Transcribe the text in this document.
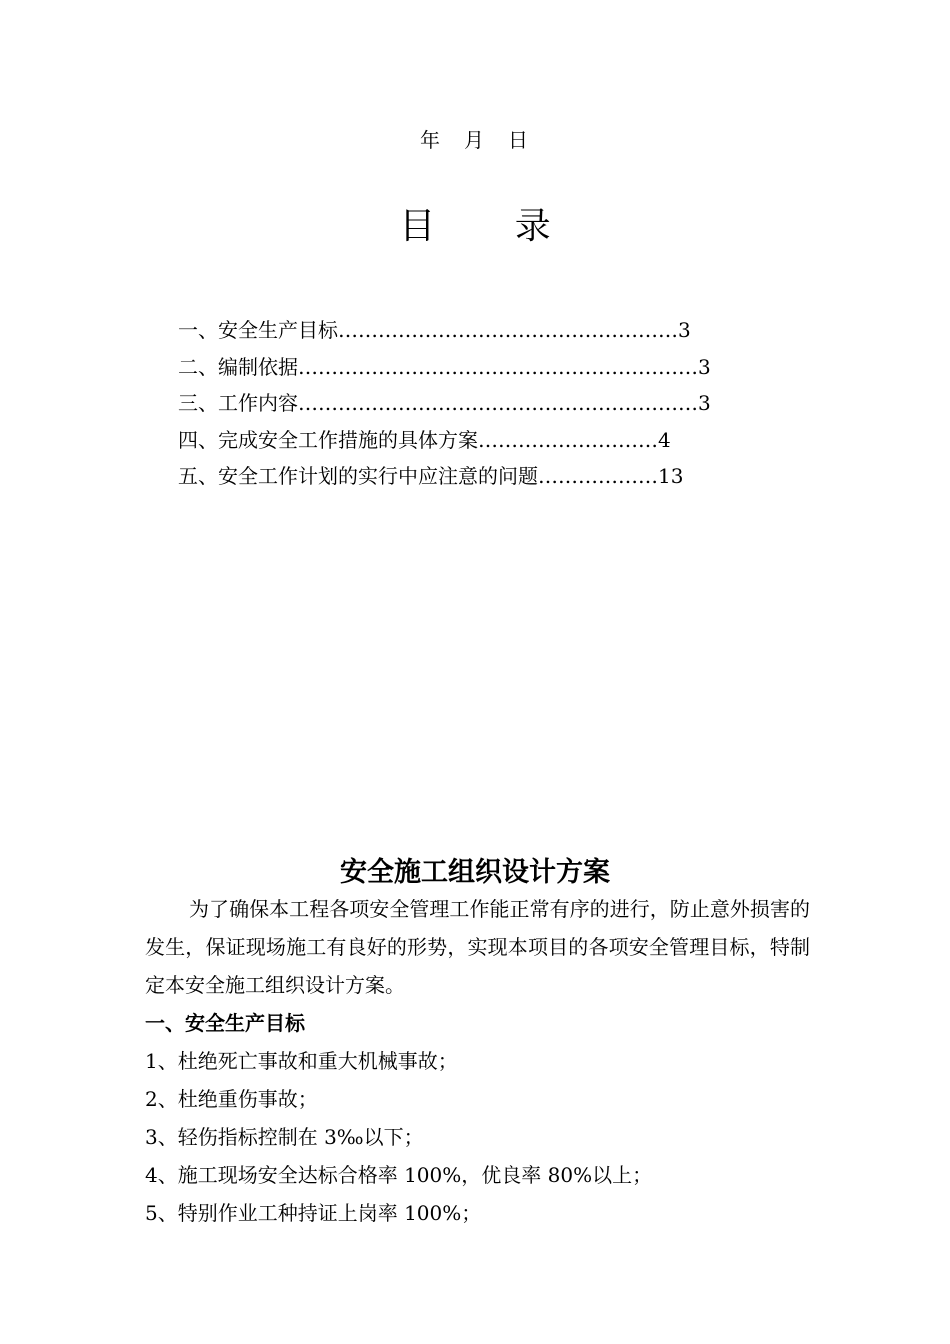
年　月　日
目 录
一、安全生产目标 …………………………………………… 3
二、编制依据 …………………………………………………… 3
三、工作内容 …………………………………………………… 3
四、完成安全工作措施的具体方案 ……………………… 4
五、安全工作计划的实行中应注意的问题 ……………… 13
安全施工组织设计方案

为了确保本工程各项安全管理工作能正常有序的进行，防止意外损害的发生，保证现场施工有良好的形势，实现本项目的各项安全管理目标，特制定本安全施工组织设计方案。

一、安全生产目标

1、杜绝死亡事故和重大机械事故；

2、杜绝重伤事故；

3、轻伤指标控制在 3‰以下；

4、施工现场安全达标合格率 100%，优良率 80%以上；

5、特别作业工种持证上岗率 100%；
